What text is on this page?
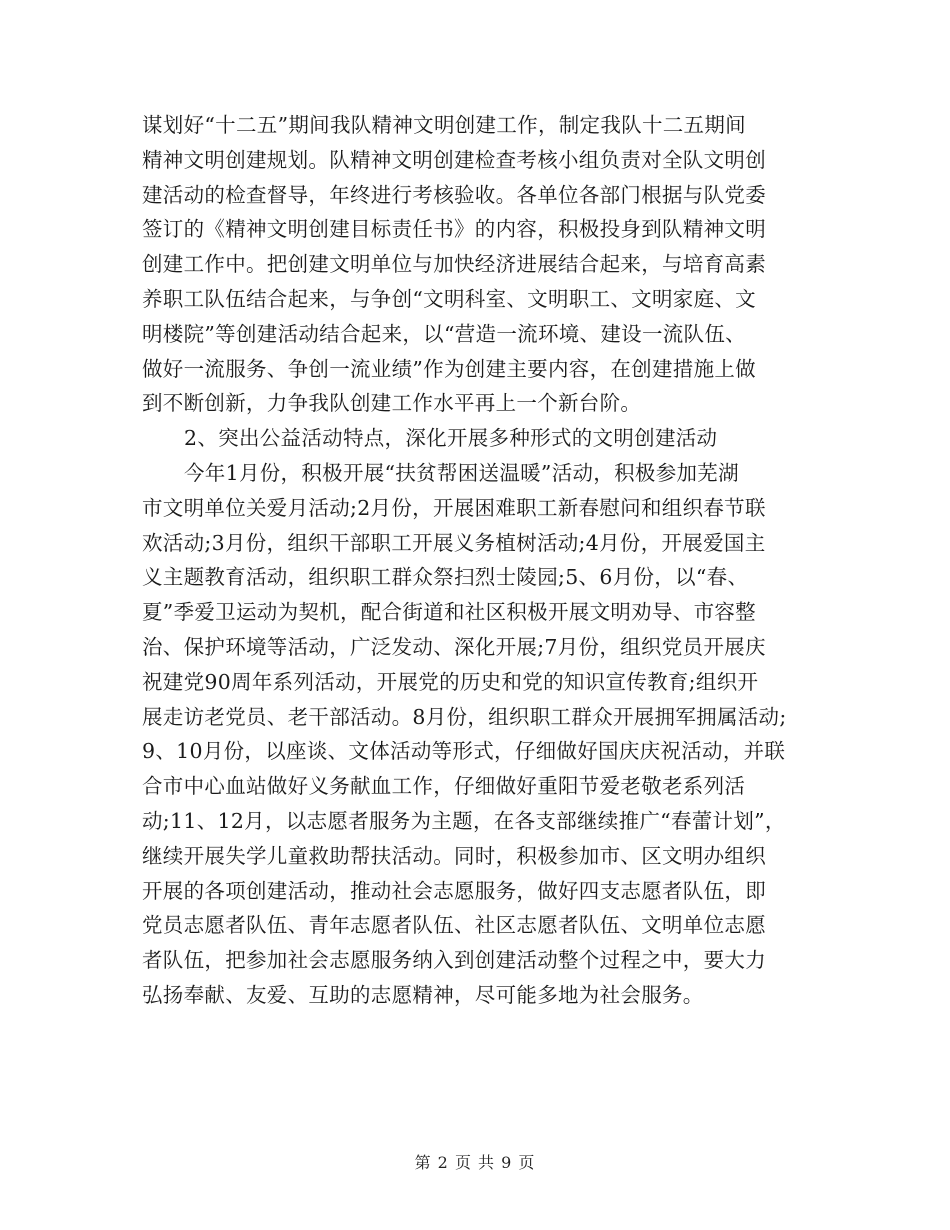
谋划好“十二五”期间我队精神文明创建工作，制定我队十二五期间
精神文明创建规划。队精神文明创建检查考核小组负责对全队文明创
建活动的检查督导，年终进行考核验收。各单位各部门根据与队党委
签订的《精神文明创建目标责任书》的内容，积极投身到队精神文明
创建工作中。把创建文明单位与加快经济进展结合起来，与培育高素
养职工队伍结合起来，与争创“文明科室、文明职工、文明家庭、文
明楼院”等创建活动结合起来，以“营造一流环境、建设一流队伍、
做好一流服务、争创一流业绩”作为创建主要内容，在创建措施上做
到不断创新，力争我队创建工作水平再上一个新台阶。
2、突出公益活动特点，深化开展多种形式的文明创建活动
今年1月份，积极开展“扶贫帮困送温暖”活动，积极参加芜湖
市文明单位关爱月活动;2月份，开展困难职工新春慰问和组织春节联
欢活动;3月份，组织干部职工开展义务植树活动;4月份，开展爱国主
义主题教育活动，组织职工群众祭扫烈士陵园;5、6月份，以“春、
夏”季爱卫运动为契机，配合街道和社区积极开展文明劝导、市容整
治、保护环境等活动，广泛发动、深化开展;7月份，组织党员开展庆
祝建党90周年系列活动，开展党的历史和党的知识宣传教育;组织开
展走访老党员、老干部活动。8月份，组织职工群众开展拥军拥属活动;
9、10月份，以座谈、文体活动等形式，仔细做好国庆庆祝活动，并联
合市中心血站做好义务献血工作，仔细做好重阳节爱老敬老系列活
动;11、12月，以志愿者服务为主题，在各支部继续推广“春蕾计划”，
继续开展失学儿童救助帮扶活动。同时，积极参加市、区文明办组织
开展的各项创建活动，推动社会志愿服务，做好四支志愿者队伍，即
党员志愿者队伍、青年志愿者队伍、社区志愿者队伍、文明单位志愿
者队伍，把参加社会志愿服务纳入到创建活动整个过程之中，要大力
弘扬奉献、友爱、互助的志愿精神，尽可能多地为社会服务。
第 2 页 共 9 页
